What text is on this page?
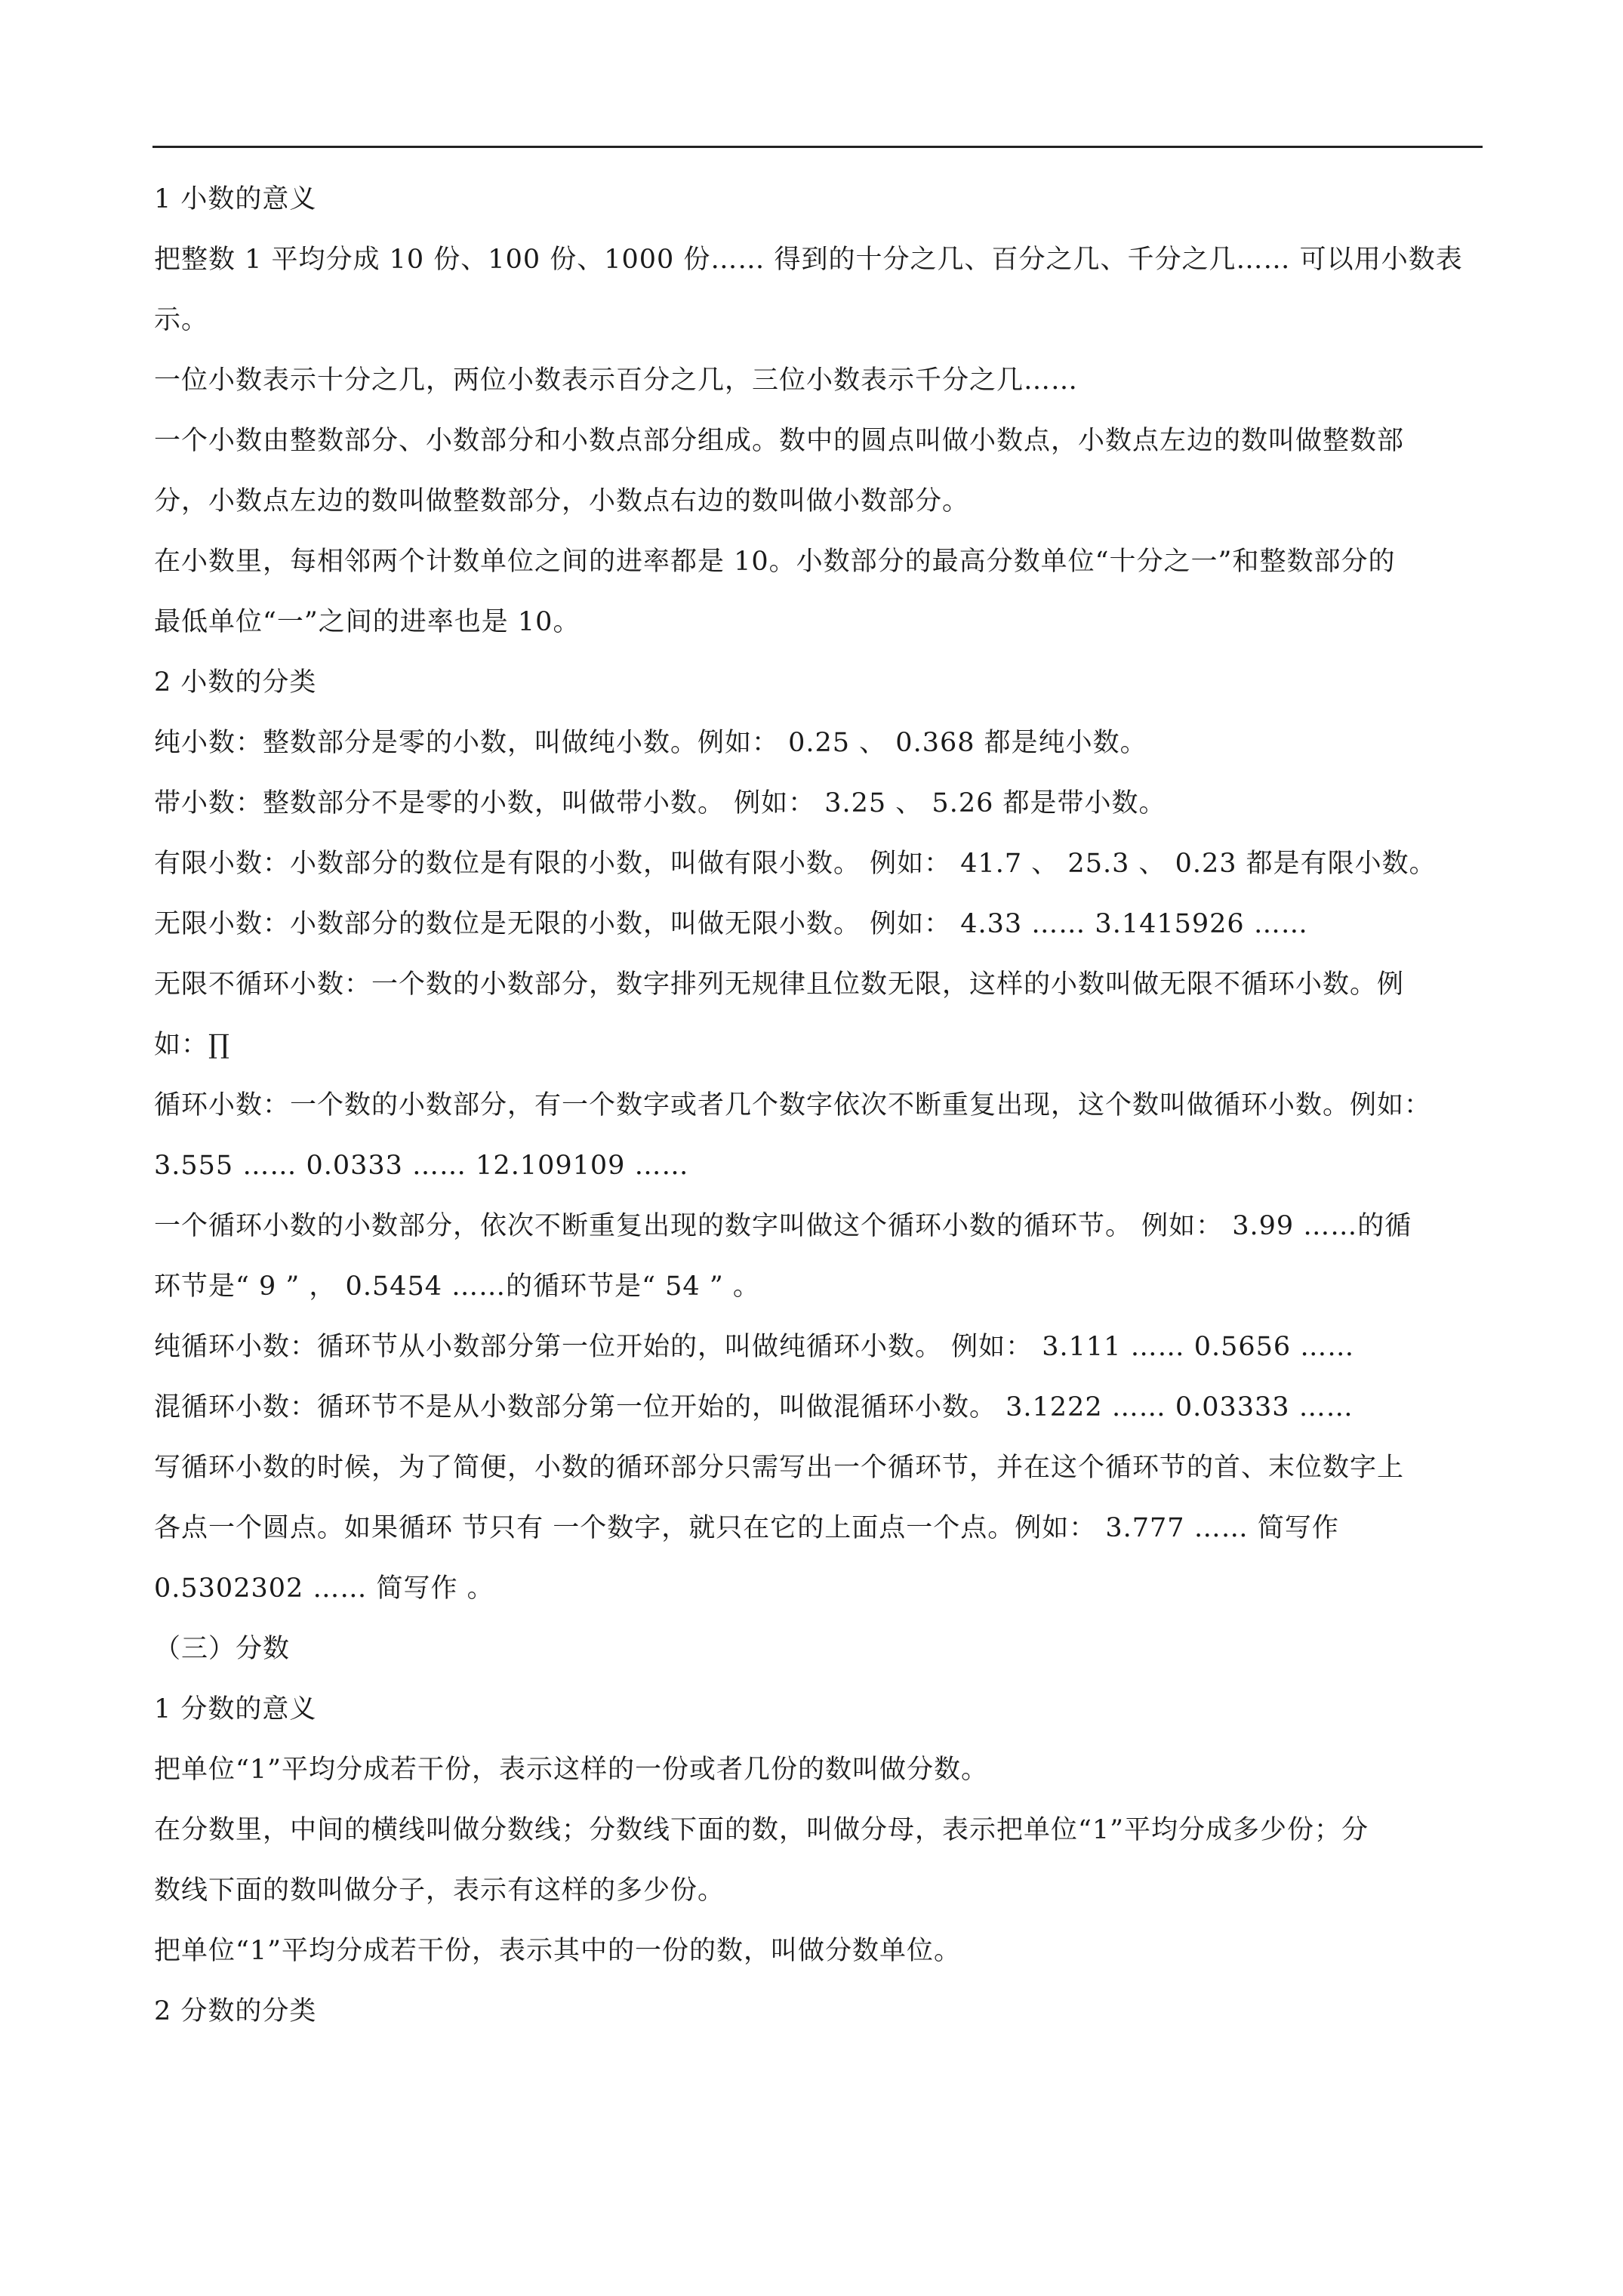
1 小数的意义

把整数 1 平均分成 10 份、100 份、1000 份…… 得到的十分之几、百分之几、千分之几…… 可以用小数表

示。

一位小数表示十分之几，两位小数表示百分之几，三位小数表示千分之几……

一个小数由整数部分、小数部分和小数点部分组成。数中的圆点叫做小数点，小数点左边的数叫做整数部

分，小数点左边的数叫做整数部分，小数点右边的数叫做小数部分。

在小数里，每相邻两个计数单位之间的进率都是 10。小数部分的最高分数单位“十分之一”和整数部分的

最低单位“一”之间的进率也是 10。

2 小数的分类

纯小数：整数部分是零的小数，叫做纯小数。例如： 0.25 、 0.368 都是纯小数。

带小数：整数部分不是零的小数，叫做带小数。 例如： 3.25 、 5.26 都是带小数。

有限小数：小数部分的数位是有限的小数，叫做有限小数。 例如： 41.7 、 25.3 、 0.23 都是有限小数。

无限小数：小数部分的数位是无限的小数，叫做无限小数。 例如： 4.33 …… 3.1415926 ……

无限不循环小数：一个数的小数部分，数字排列无规律且位数无限，这样的小数叫做无限不循环小数。例

如：∏

循环小数：一个数的小数部分，有一个数字或者几个数字依次不断重复出现，这个数叫做循环小数。例如：

3.555 …… 0.0333 …… 12.109109 ……

一个循环小数的小数部分，依次不断重复出现的数字叫做这个循环小数的循环节。 例如： 3.99 ……的循

环节是“ 9 ” ， 0.5454 ……的循环节是“ 54 ” 。

纯循环小数：循环节从小数部分第一位开始的，叫做纯循环小数。 例如： 3.111 …… 0.5656 ……

混循环小数：循环节不是从小数部分第一位开始的，叫做混循环小数。 3.1222 …… 0.03333 ……

写循环小数的时候，为了简便，小数的循环部分只需写出一个循环节，并在这个循环节的首、末位数字上

各点一个圆点。如果循环 节只有 一个数字，就只在它的上面点一个点。例如： 3.777 …… 简写作

0.5302302 …… 简写作 。

（三）分数

1 分数的意义

把单位“1”平均分成若干份，表示这样的一份或者几份的数叫做分数。

在分数里，中间的横线叫做分数线；分数线下面的数，叫做分母，表示把单位“1”平均分成多少份；分

数线下面的数叫做分子，表示有这样的多少份。

把单位“1”平均分成若干份，表示其中的一份的数，叫做分数单位。

2 分数的分类
